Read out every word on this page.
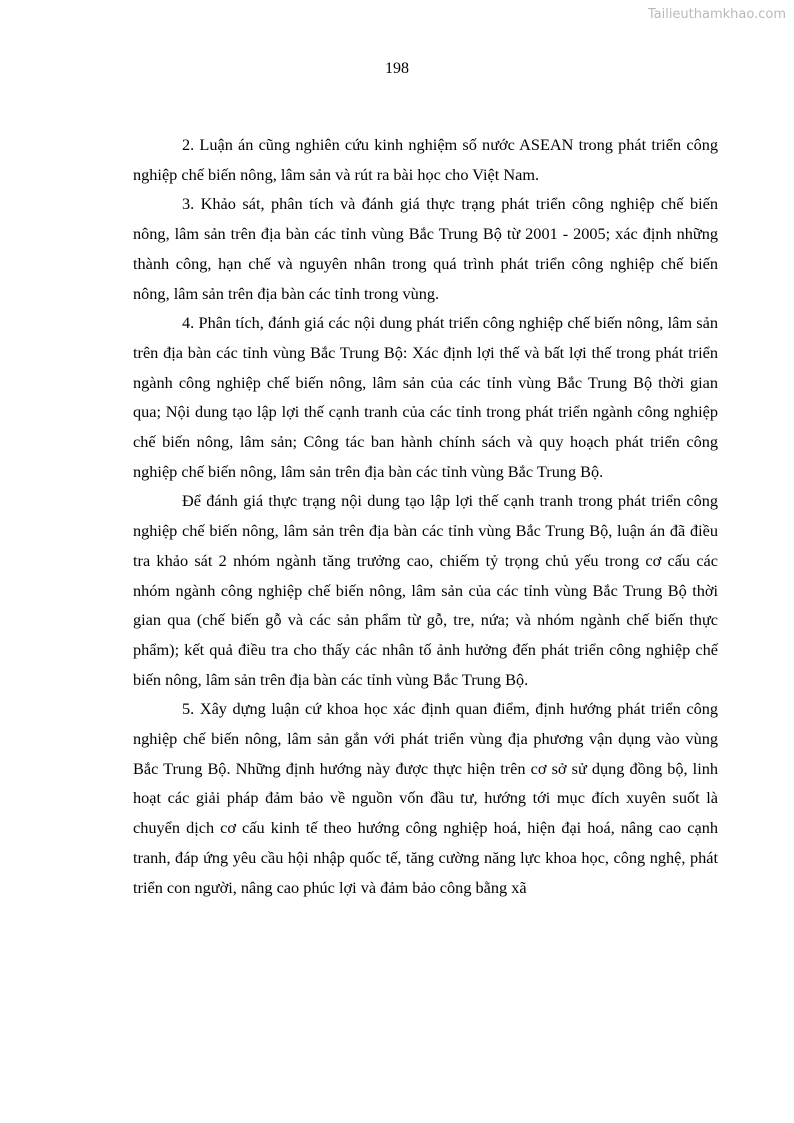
Tailieuthamkhao.com
198

2. Luận án cũng nghiên cứu kinh nghiệm số nước ASEAN trong phát triển công nghiệp chế biến nông, lâm sản và rút ra bài học cho Việt Nam.

3. Khảo sát, phân tích và đánh giá thực trạng phát triển công nghiệp chế biến nông, lâm sản trên địa bàn các tỉnh vùng Bắc Trung Bộ từ 2001 - 2005; xác định những thành công, hạn chế và nguyên nhân trong quá trình phát triển công nghiệp chế biến nông, lâm sản trên địa bàn các tỉnh trong vùng.

4. Phân tích, đánh giá các nội dung phát triển công nghiệp chế biến nông, lâm sản trên địa bàn các tỉnh vùng Bắc Trung Bộ: Xác định lợi thế và bất lợi thế trong phát triển ngành công nghiệp chế biến nông, lâm sản của các tỉnh vùng Bắc Trung Bộ thời gian qua; Nội dung tạo lập lợi thế cạnh tranh của các tỉnh trong phát triển ngành công nghiệp chế biến nông, lâm sản; Công tác ban hành chính sách và quy hoạch phát triển công nghiệp chế biến nông, lâm sản trên địa bàn các tỉnh vùng Bắc Trung Bộ.

Để đánh giá thực trạng nội dung tạo lập lợi thế cạnh tranh trong phát triển công nghiệp chế biến nông, lâm sản trên địa bàn các tỉnh vùng Bắc Trung Bộ, luận án đã điều tra khảo sát 2 nhóm ngành tăng trưởng cao, chiếm tỷ trọng chủ yếu trong cơ cấu các nhóm ngành công nghiệp chế biến nông, lâm sản của các tỉnh vùng Bắc Trung Bộ thời gian qua (chế biến gỗ và các sản phẩm từ gỗ, tre, nứa; và nhóm ngành chế biến thực phẩm); kết quả điều tra cho thấy các nhân tố ảnh hưởng đến phát triển công nghiệp chế biến nông, lâm sản trên địa bàn các tỉnh vùng Bắc Trung Bộ.

5. Xây dựng luận cứ khoa học xác định quan điểm, định hướng phát triển công nghiệp chế biến nông, lâm sản gắn với phát triển vùng địa phương vận dụng vào vùng Bắc Trung Bộ. Những định hướng này được thực hiện trên cơ sở sử dụng đồng bộ, linh hoạt các giải pháp đảm bảo về nguồn vốn đầu tư, hướng tới mục đích xuyên suốt là chuyển dịch cơ cấu kinh tế theo hướng công nghiệp hoá, hiện đại hoá, nâng cao cạnh tranh, đáp ứng yêu cầu hội nhập quốc tế, tăng cường năng lực khoa học, công nghệ, phát triển con người, nâng cao phúc lợi và đảm bảo công bằng xã
